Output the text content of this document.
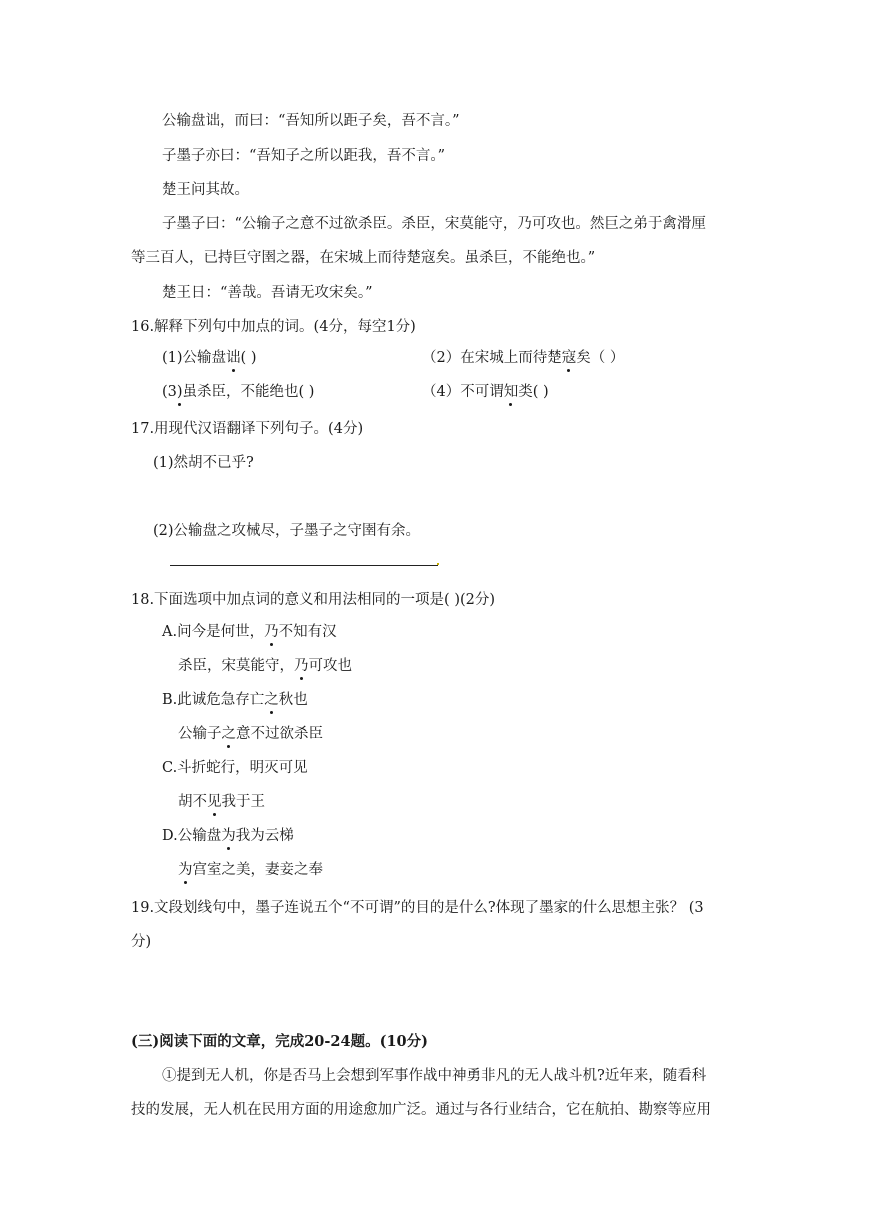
公输盘诎，而曰：“吾知所以距子矣，吾不言。”
子墨子亦曰：“吾知子之所以距我，吾不言。”
楚王问其故。
子墨子曰：“公输子之意不过欲杀臣。杀臣，宋莫能守，乃可攻也。然巨之弟于禽滑厘
等三百人，已持巨守圉之器，在宋城上而待楚寇矣。虽杀巨，不能绝也。”
楚王日：“善哉。吾请无攻宋矣。”
16.解释下列句中加点的词。(4分，每空1分)
(1)公输盘诎( )	（2）在宋城上而待楚寇矣（ ）
(3)虽杀臣，不能绝也( )	（4）不可谓知类( )
17.用现代汉语翻译下列句子。(4分)
(1)然胡不已乎?
(2)公输盘之攻械尽，子墨子之守圉有余。
18.下面选项中加点词的意义和用法相同的一项是( )(2分)
A.问今是何世，乃不知有汉
杀臣，宋莫能守，乃可攻也
B.此诚危急存亡之秋也
公输子之意不过欲杀臣
C.斗折蛇行，明灭可见
胡不见我于王
D.公输盘为我为云梯
为宫室之美，妻妾之奉
19.文段划线句中，墨子连说五个“不可谓”的目的是什么?体现了墨家的什么思想主张？ (3
分)
(三)阅读下面的文章，完成20-24题。(10分)
①提到无人机，你是否马上会想到军事作战中神勇非凡的无人战斗机?近年来，随看科
技的发展，无人机在民用方面的用途愈加广泛。通过与各行业结合，它在航拍、勘察等应用
